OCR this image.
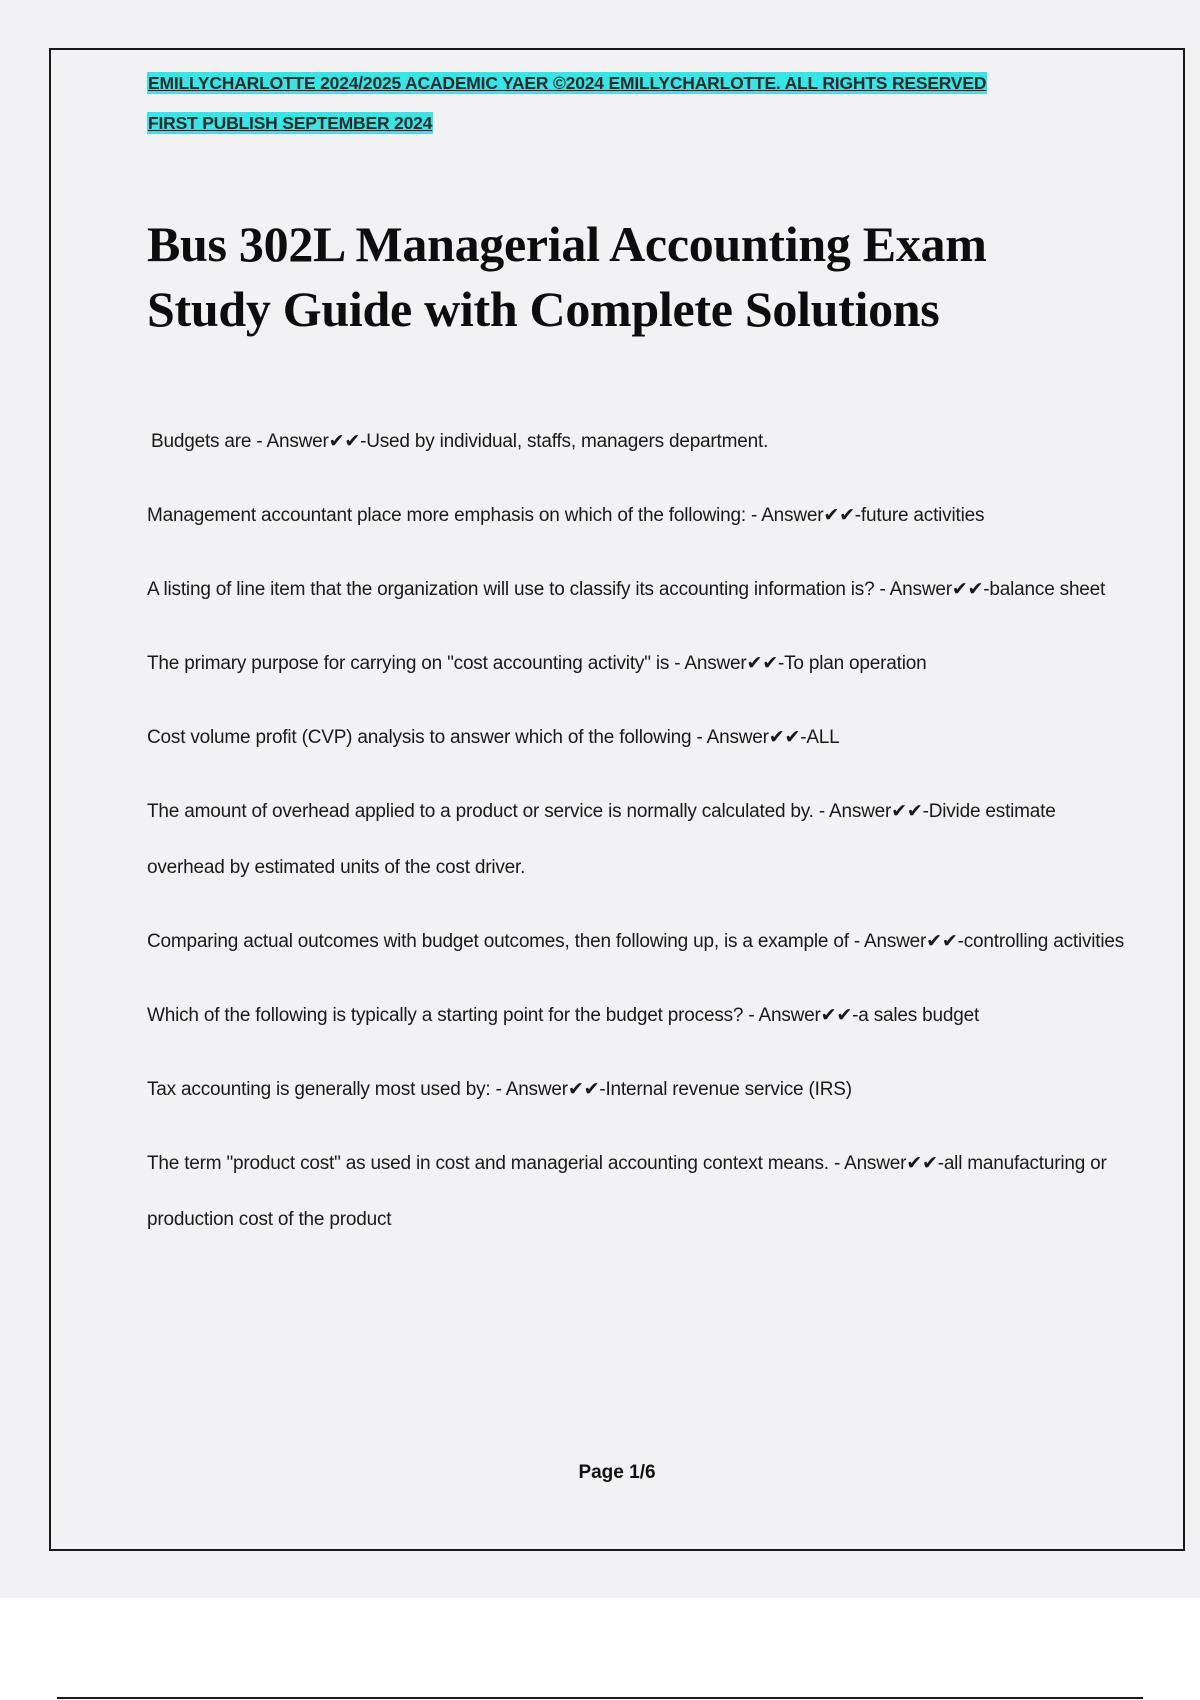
EMILLYCHARLOTTE 2024/2025 ACADEMIC YAER ©2024 EMILLYCHARLOTTE. ALL RIGHTS RESERVED
FIRST PUBLISH SEPTEMBER 2024
Bus 302L Managerial Accounting Exam
Study Guide with Complete Solutions

Budgets are - Answer✔✔-Used by individual, staffs, managers department.

Management accountant place more emphasis on which of the following: - Answer✔✔-future activities

A listing of line item that the organization will use to classify its accounting information is? - Answer✔✔-balance sheet

The primary purpose for carrying on "cost accounting activity" is - Answer✔✔-To plan operation

Cost volume profit (CVP) analysis to answer which of the following - Answer✔✔-ALL

The amount of overhead applied to a product or service is normally calculated by. - Answer✔✔-Divide estimate overhead by estimated units of the cost driver.

Comparing actual outcomes with budget outcomes, then following up, is a example of - Answer✔✔-controlling activities

Which of the following is typically a starting point for the budget process? - Answer✔✔-a sales budget

Tax accounting is generally most used by: - Answer✔✔-Internal revenue service (IRS)

The term "product cost" as used in cost and managerial accounting context means. - Answer✔✔-all manufacturing or production cost of the product

Page 1/6
